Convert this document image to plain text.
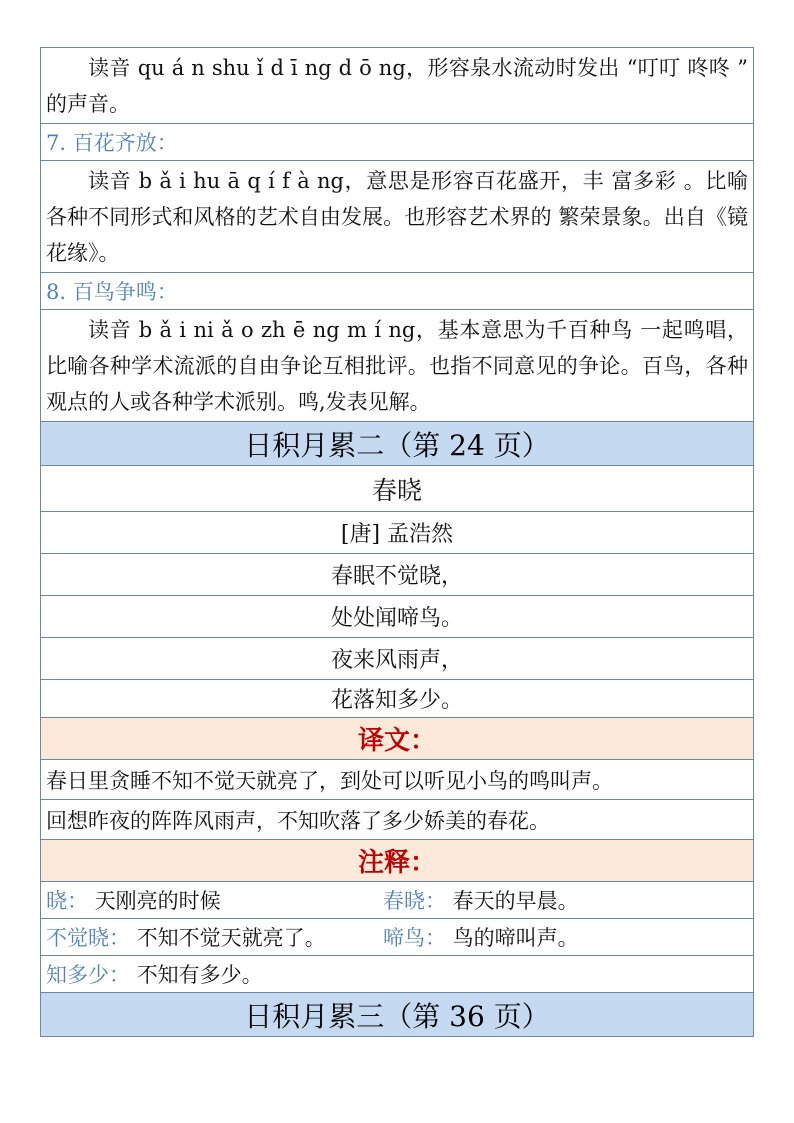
读音 qu á n shu ǐ d ī ng d ō ng，形容泉水流动时发出 “叮叮 咚咚 ” 的声音。

7. 百花齐放：

读音 b ǎ i hu ā q í f à ng，意思是形容百花盛开，丰 富多彩 。比喻各种不同形式和风格的艺术自由发展。也形容艺术界的 繁荣景象。出自《镜花缘》。

8. 百鸟争鸣：

读音 b ǎ i ni ǎ o zh ē ng m í ng，基本意思为千百种鸟 一起鸣唱， 比喻各种学术流派的自由争论互相批评。也指不同意见的争论。百鸟，各种观点的人或各种学术派别。鸣,发表见解。

日积月累二（第 24 页）
春晓
[唐] 孟浩然
春眠不觉晓，
处处闻啼鸟。
夜来风雨声，
花落知多少。
译文：
春日里贪睡不知不觉天就亮了，到处可以听见小鸟的鸣叫声。
回想昨夜的阵阵风雨声，不知吹落了多少娇美的春花。
注释：
晓： 天刚亮的时候	春晓： 春天的早晨。
不觉晓： 不知不觉天就亮了。	啼鸟： 鸟的啼叫声。
知多少： 不知有多少。
日积月累三（第 36 页）
